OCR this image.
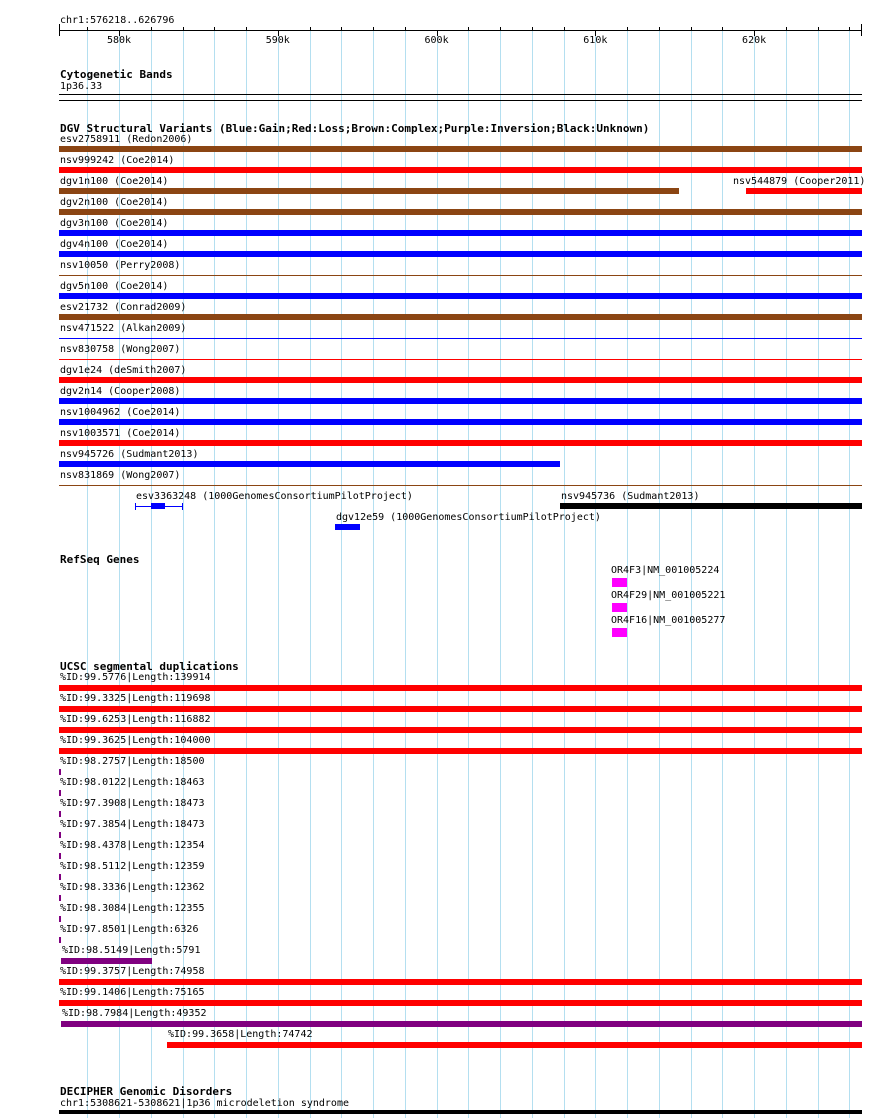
chr1:576218..626796
580k	590k	600k	610k	620k
Cytogenetic Bands
1p36.33
DGV Structural Variants (Blue:Gain;Red:Loss;Brown:Complex;Purple:Inversion;Black:Unknown)
esv2758911 (Redon2006)
nsv999242 (Coe2014)
dgv1n100 (Coe2014)	nsv544879 (Cooper2011)
dgv2n100 (Coe2014)
dgv3n100 (Coe2014)
dgv4n100 (Coe2014)
nsv10050 (Perry2008)
dgv5n100 (Coe2014)
esv21732 (Conrad2009)
nsv471522 (Alkan2009)
nsv830758 (Wong2007)
dgv1e24 (deSmith2007)
dgv2n14 (Cooper2008)
nsv1004962 (Coe2014)
nsv1003571 (Coe2014)
nsv945726 (Sudmant2013)
nsv831869 (Wong2007)
esv3363248 (1000GenomesConsortiumPilotProject)	nsv945736 (Sudmant2013)
dgv12e59 (1000GenomesConsortiumPilotProject)
RefSeq Genes
OR4F3|NM_001005224
OR4F29|NM_001005221
OR4F16|NM_001005277
UCSC segmental duplications
%ID:99.5776|Length:139914
%ID:99.3325|Length:119698
%ID:99.6253|Length:116882
%ID:99.3625|Length:104000
%ID:98.2757|Length:18500
%ID:98.0122|Length:18463
%ID:97.3908|Length:18473
%ID:97.3854|Length:18473
%ID:98.4378|Length:12354
%ID:98.5112|Length:12359
%ID:98.3336|Length:12362
%ID:98.3084|Length:12355
%ID:97.8501|Length:6326
%ID:98.5149|Length:5791
%ID:99.3757|Length:74958
%ID:99.1406|Length:75165
%ID:98.7984|Length:49352
%ID:99.3658|Length:74742
DECIPHER Genomic Disorders
chr1:5308621-5308621|1p36 microdeletion syndrome
